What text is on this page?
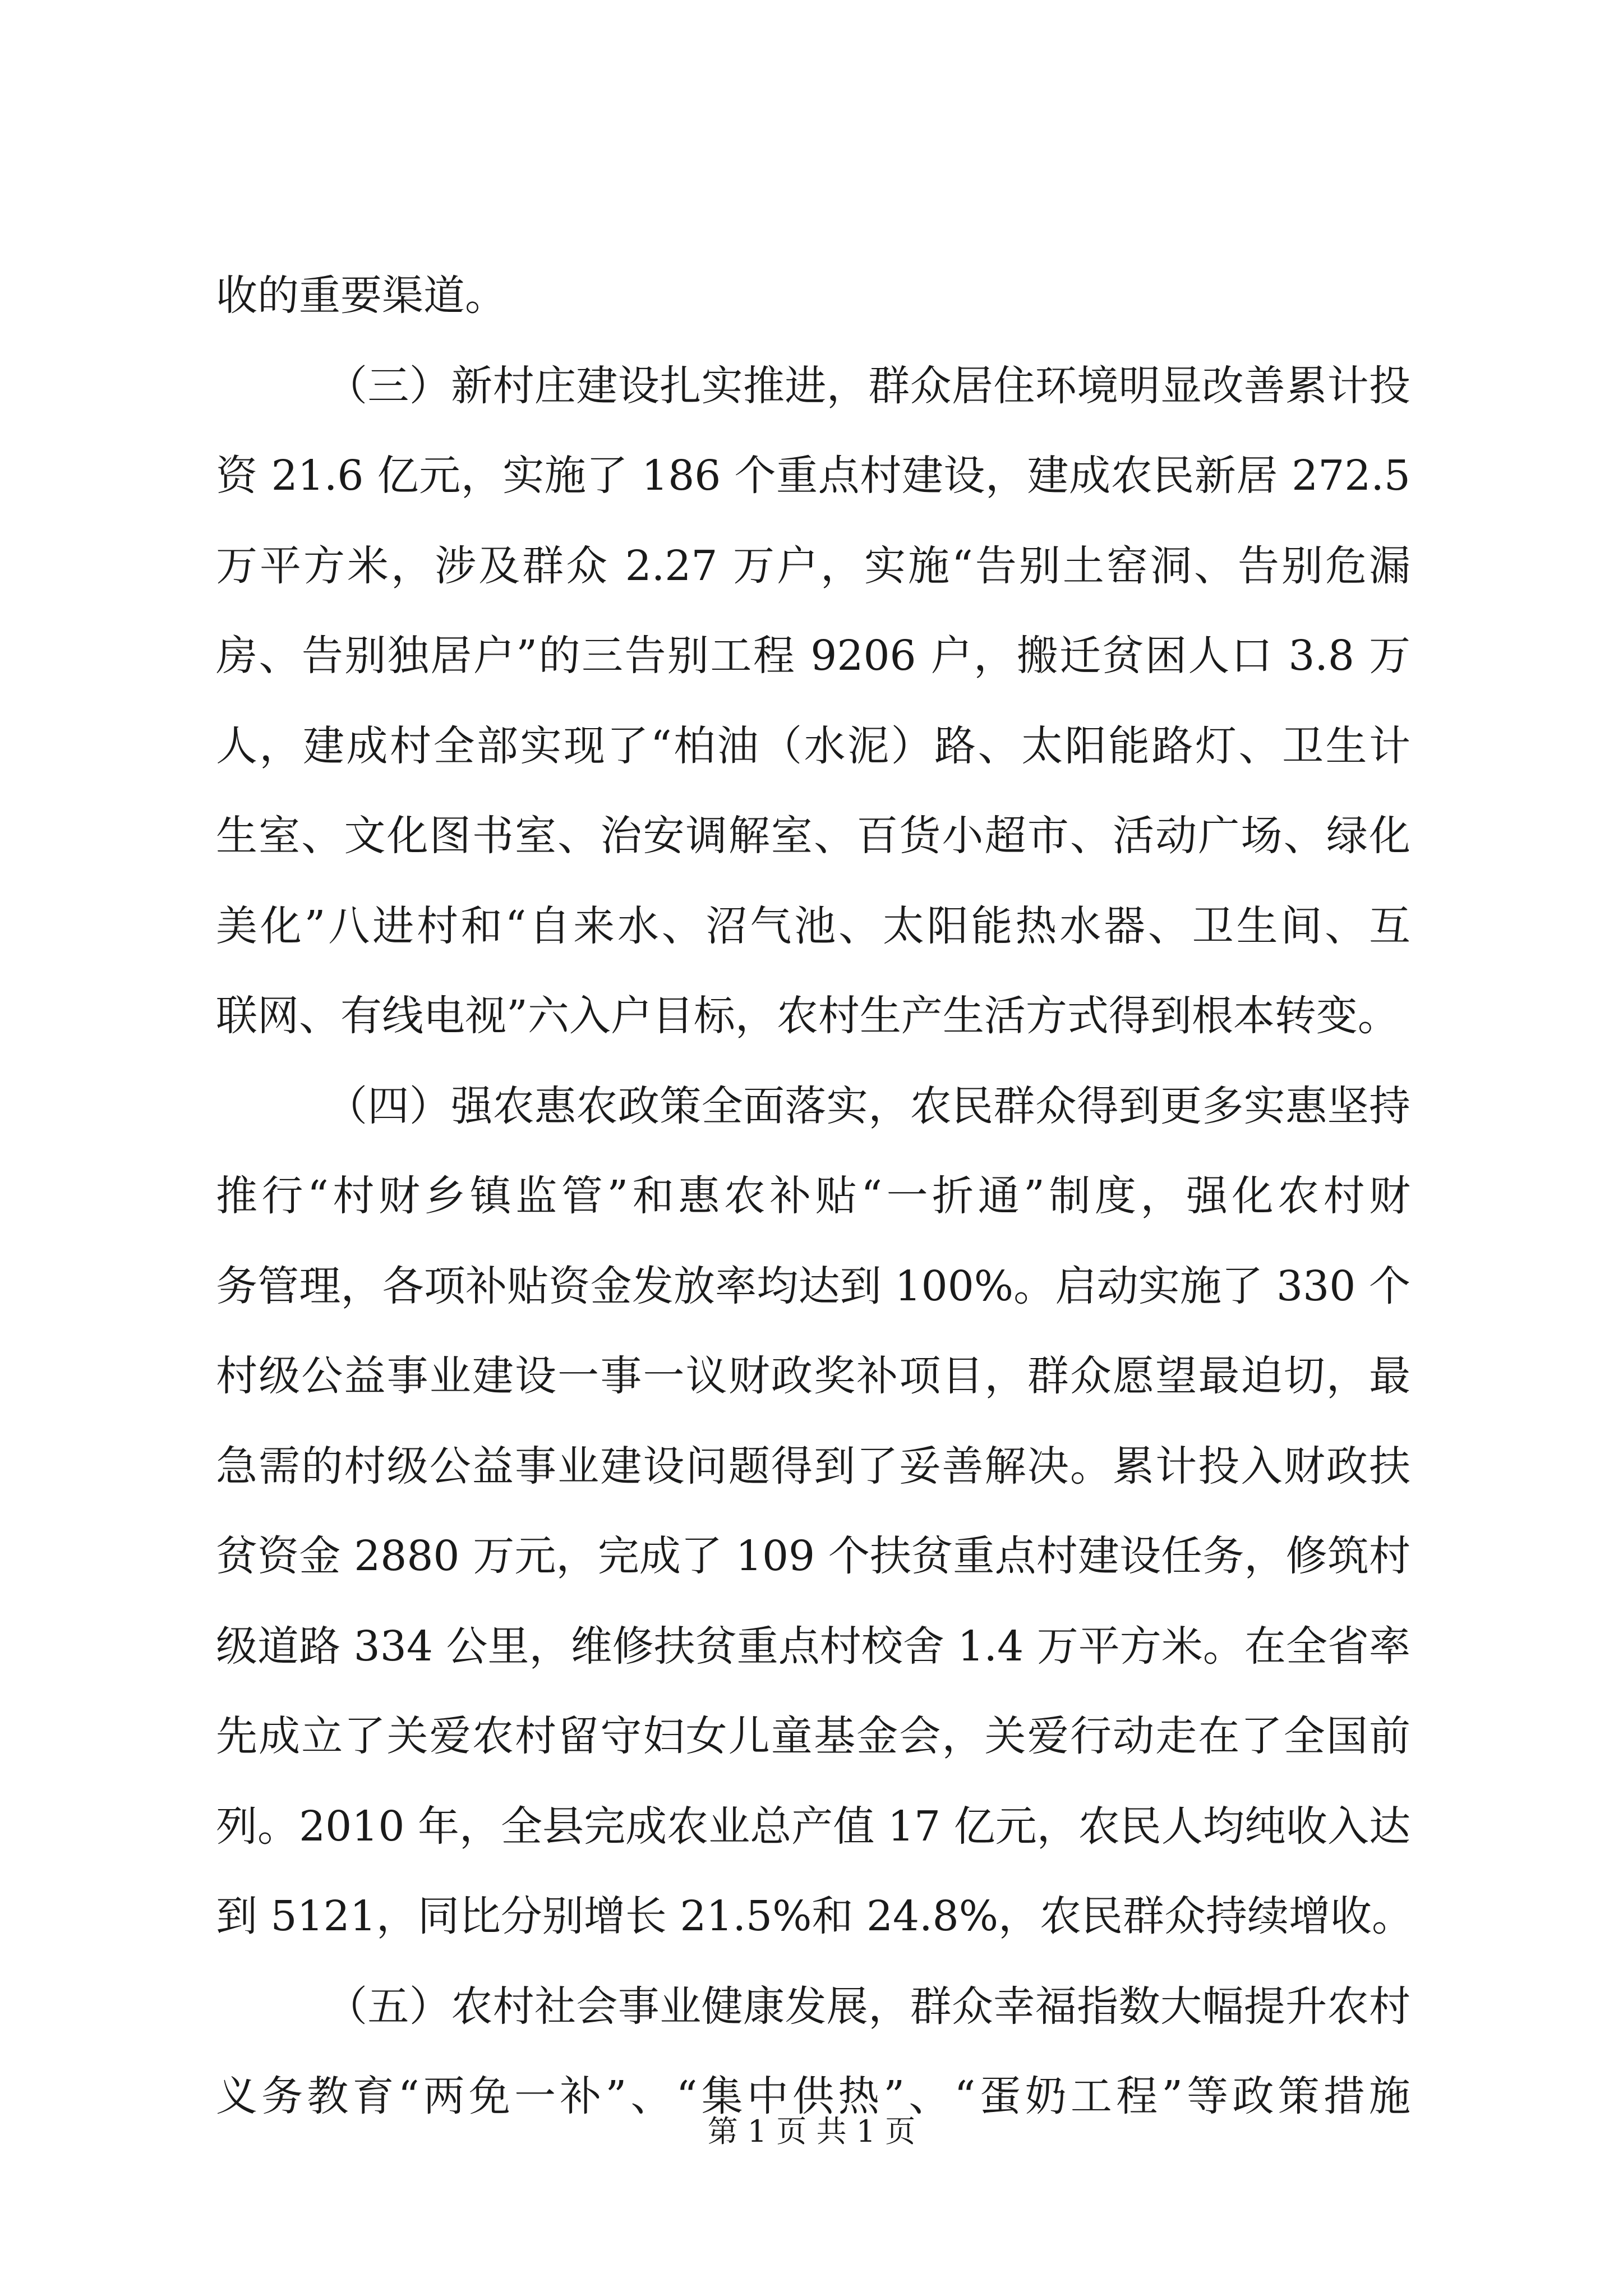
收的重要渠道。
（三）新村庄建设扎实推进，群众居住环境明显改善累计投
资 21.6 亿元，实施了 186 个重点村建设，建成农民新居 272.5
万平方米，涉及群众 2.27 万户，实施“告别土窑洞、告别危漏
房、告别独居户”的三告别工程 9206 户，搬迁贫困人口 3.8 万
人，建成村全部实现了“柏油（水泥）路、太阳能路灯、卫生计
生室、文化图书室、治安调解室、百货小超市、活动广场、绿化
美化”八进村和“自来水、沼气池、太阳能热水器、卫生间、互
联网、有线电视”六入户目标，农村生产生活方式得到根本转变。
（四）强农惠农政策全面落实，农民群众得到更多实惠坚持
推行“村财乡镇监管”和惠农补贴“一折通”制度，强化农村财
务管理，各项补贴资金发放率均达到 100%。启动实施了 330 个
村级公益事业建设一事一议财政奖补项目，群众愿望最迫切，最
急需的村级公益事业建设问题得到了妥善解决。累计投入财政扶
贫资金 2880 万元，完成了 109 个扶贫重点村建设任务，修筑村
级道路 334 公里，维修扶贫重点村校舍 1.4 万平方米。在全省率
先成立了关爱农村留守妇女儿童基金会，关爱行动走在了全国前
列。2010 年，全县完成农业总产值 17 亿元，农民人均纯收入达
到 5121，同比分别增长 21.5%和 24.8%，农民群众持续增收。
（五）农村社会事业健康发展，群众幸福指数大幅提升农村
义务教育“两免一补”、“集中供热”、“蛋奶工程”等政策措施
第 1 页 共 1 页
